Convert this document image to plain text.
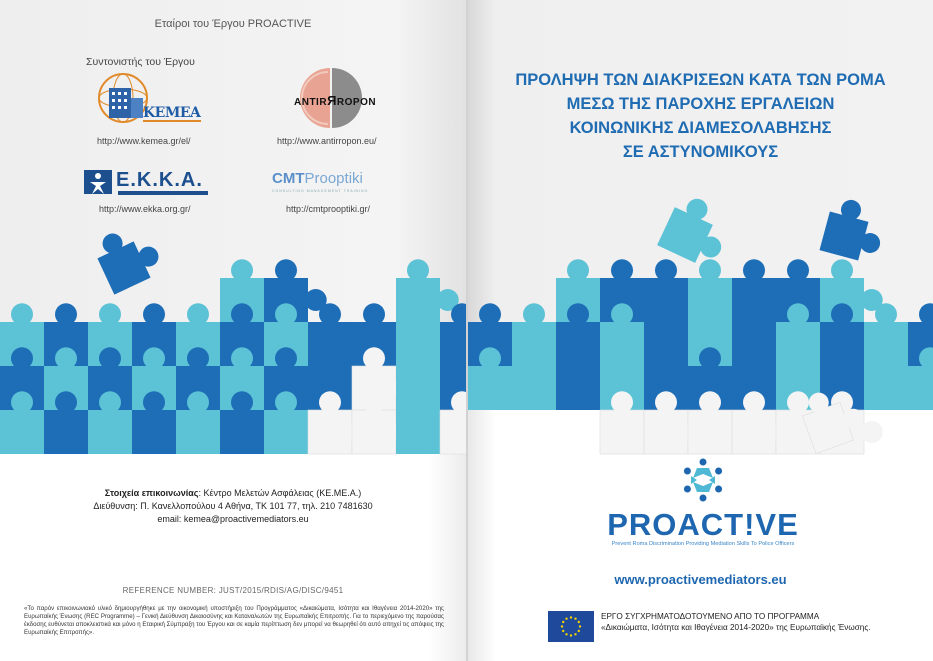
Εταίροι του Έργου PROACTIVE
Συντονιστής του Έργου
KEMEA
http://www.kemea.gr/el/
ANTIRЯROPON
http://www.antirropon.eu/
Ε.Κ.Κ.Α.
http://www.ekka.org.gr/
CMTProoptiki
CONSULTING MANAGEMENT TRAINING
http://cmtprooptiki.gr/
Στοιχεία επικοινωνίας: Κέντρο Μελετών Ασφάλειας (ΚΕ.ΜΕ.Α.)
Διεύθυνση: Π. Κανελλοπούλου 4 Αθήνα, ΤΚ 101 77, τηλ. 210 7481630
email: kemea@proactivemediators.eu
REFERENCE NUMBER: JUST/2015/RDIS/AG/DISC/9451
«Το παρόν επικοινωνιακό υλικό δημιουργήθηκε με την οικονομική υποστήριξη του Προγράμματος «Δικαιώματα, Ισότητα και Ιθαγένεια 2014-2020» της Ευρωπαϊκής Ένωσης (REC Programme) – Γενική Διεύθυνση Δικαιοσύνης και Καταναλωτών της Ευρωπαϊκής Επιτροπής. Για το περιεχόμενο της παρούσας έκδοσης ευθύνεται αποκλειστικά και μόνο η Εταιρική Σύμπραξη του Έργου και σε καμία περίπτωση δεν μπορεί να θεωρηθεί ότι αυτό απηχεί τις απόψεις της Ευρωπαϊκής Επιτροπής».
ΠΡΟΛΗΨΗ ΤΩΝ ΔΙΑΚΡΙΣΕΩΝ ΚΑΤΑ ΤΩΝ ΡΟΜΑ
ΜΕΣΩ ΤΗΣ ΠΑΡΟΧΗΣ ΕΡΓΑΛΕΙΩΝ
ΚΟΙΝΩΝΙΚΗΣ ΔΙΑΜΕΣΟΛΑΒΗΣΗΣ
ΣΕ ΑΣΤΥΝΟΜΙΚΟΥΣ
PROACT!VE
Prevent Roma Discrimination Providing Mediation Skills To Police Officers
www.proactivemediators.eu
ΕΡΓΟ ΣΥΓΧΡΗΜΑΤΟΔΟΤΟΥΜΕΝΟ ΑΠΟ ΤΟ ΠΡΟΓΡΑΜΜΑ
«Δικαιώματα, Ισότητα και Ιθαγένεια 2014-2020» της Ευρωπαϊκής Ένωσης.
